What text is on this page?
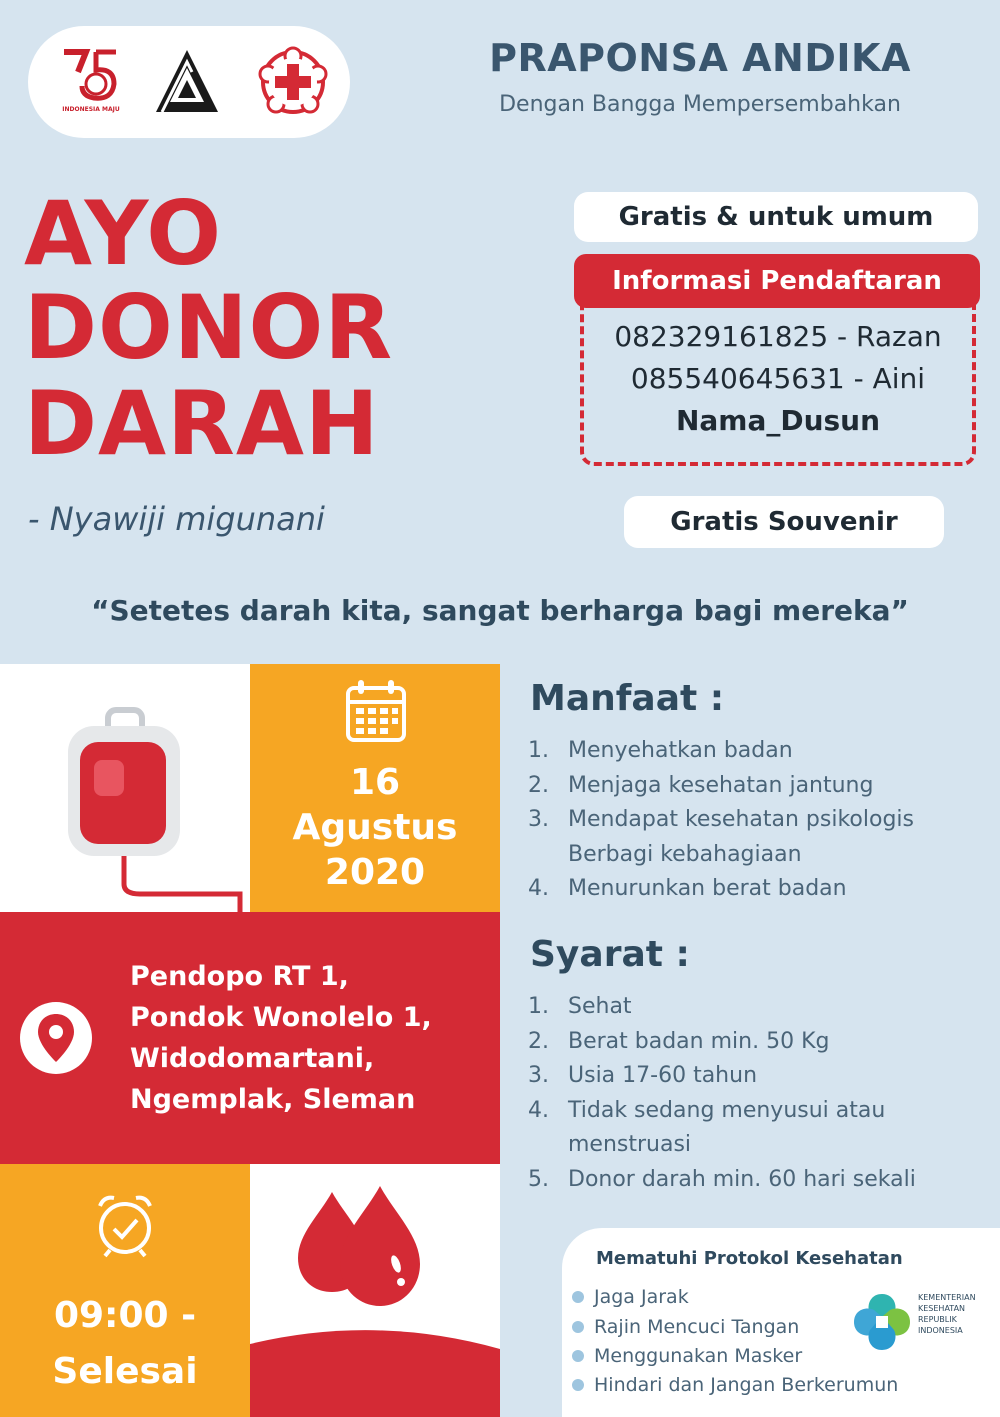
INDONESIA MAJU
PRAPONSA ANDIKA
Dengan Bangga Mempersembahkan
AYO
DONOR
DARAH
- Nyawiji migunani
Gratis & untuk umum
Informasi Pendaftaran
082329161825 - Razan
085540645631 - Aini
Nama_Dusun
Gratis Souvenir
“Setetes darah kita, sangat berharga bagi mereka”
16
Agustus
2020
Pendopo RT 1,
Pondok Wonolelo 1,
Widodomartani,
Ngemplak, Sleman
09:00 -
Selesai
Manfaat :
1. Menyehatkan badan
2. Menjaga kesehatan jantung
3. Mendapat kesehatan psikologis
Berbagi kebahagiaan
4. Menurunkan berat badan
Syarat :
1. Sehat
2. Berat badan min. 50 Kg
3. Usia 17-60 tahun
4. Tidak sedang menyusui atau
menstruasi
5. Donor darah min. 60 hari sekali
Mematuhi Protokol Kesehatan
Jaga Jarak
Rajin Mencuci Tangan
Menggunakan Masker
Hindari dan Jangan Berkerumun
KEMENTERIAN
KESEHATAN
REPUBLIK
INDONESIA
